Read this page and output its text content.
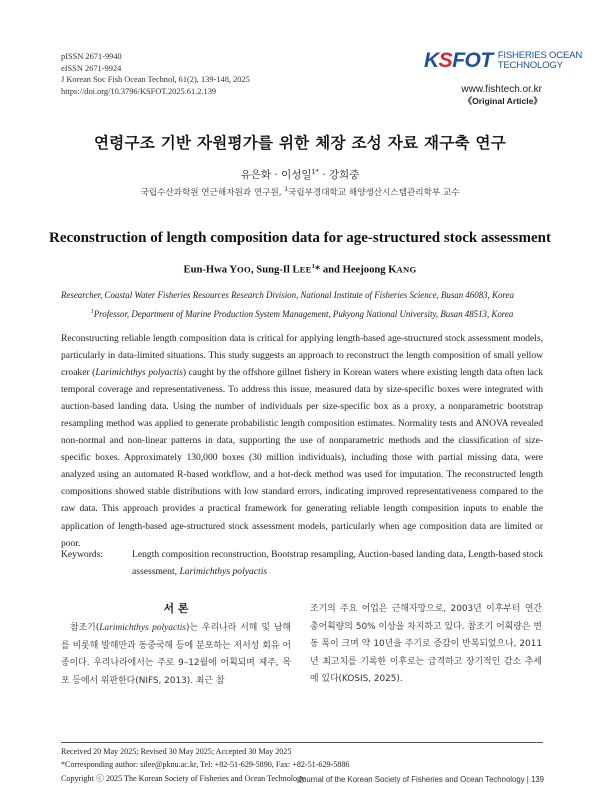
pISSN 2671-9940
eISSN 2671-9924
J Korean Soc Fish Ocean Technol, 61(2), 139-148, 2025
https://doi.org/10.3796/KSFOT.2025.61.2.139
KSFOT FISHERIES OCEAN
TECHNOLOGY
www.fishtech.or.kr
《Original Article》
연령구조 기반 자원평가를 위한 체장 조성 자료 재구축 연구
유은화 · 이성일$^{1*}$ · 강희중
국립수산과학원 연근해자원과 연구원, $^1$국립부경대학교 해양생산시스템관리학부 교수
Reconstruction of length composition data for age-structured stock assessment
Eun-Hwa YOO, Sung-Il LEE$^1$* and Heejoong KANG
Researcher, Coastal Water Fisheries Resources Research Division, National Institute of Fisheries Science, Busan 46083, Korea
$^1$Professor, Department of Marine Production System Management, Pukyong National University, Busan 48513, Korea
Reconstructing reliable length composition data is critical for applying length-based age-structured stock assessment models, particularly in data-limited situations. This study suggests an approach to reconstruct the length composition of small yellow croaker (Larimichthys polyactis) caught by the offshore gillnet fishery in Korean waters where existing length data often lack temporal coverage and representativeness. To address this issue, measured data by size-specific boxes were integrated with auction-based landing data. Using the number of individuals per size-specific box as a proxy, a nonparametric bootstrap resampling method was applied to generate probabilistic length composition estimates. Normality tests and ANOVA revealed non-normal and non-linear patterns in data, supporting the use of nonparametric methods and the classification of size-specific boxes. Approximately 130,000 boxes (30 million individuals), including those with partial missing data, were analyzed using an automated R-based workflow, and a hot-deck method was used for imputation. The reconstructed length compositions showed stable distributions with low standard errors, indicating improved representativeness compared to the raw data. This approach provides a practical framework for generating reliable length composition inputs to enable the application of length-based age-structured stock assessment models, particularly when age composition data are limited or poor.
Keywords:	Length composition reconstruction, Bootstrap resampling, Auction-based landing data, Length-based stock assessment, Larimichthys polyactis
서 론
참조기(Larimichthys polyactis)는 우리나라 서해 및 남해를 비롯해 발해만과 동중국해 등에 분포하는 저서성 회유 어종이다. 우리나라에서는 주로 9–12월에 어획되며 제주, 목포 등에서 위판한다(NIFS, 2013). 최근 참
조기의 주요 어업은 근해자망으로, 2003년 이후부터 연간 총어획량의 50% 이상을 차지하고 있다. 참조기 어획량은 변동 폭이 크며 약 10년을 주기로 증감이 반복되었으나, 2011년 최고치를 기록한 이후로는 급격하고 장기적인 감소 추세에 있다(KOSIS, 2025).
Received 20 May 2025; Revised 30 May 2025; Accepted 30 May 2025
*Corresponding author: silee@pknu.ac.kr, Tel: +82-51-629-5890, Fax: +82-51-629-5886
Copyright ⓒ 2025 The Korean Society of Fisheries and Ocean Technology
Journal of the Korean Society of Fisheries and Ocean Technology | 139
